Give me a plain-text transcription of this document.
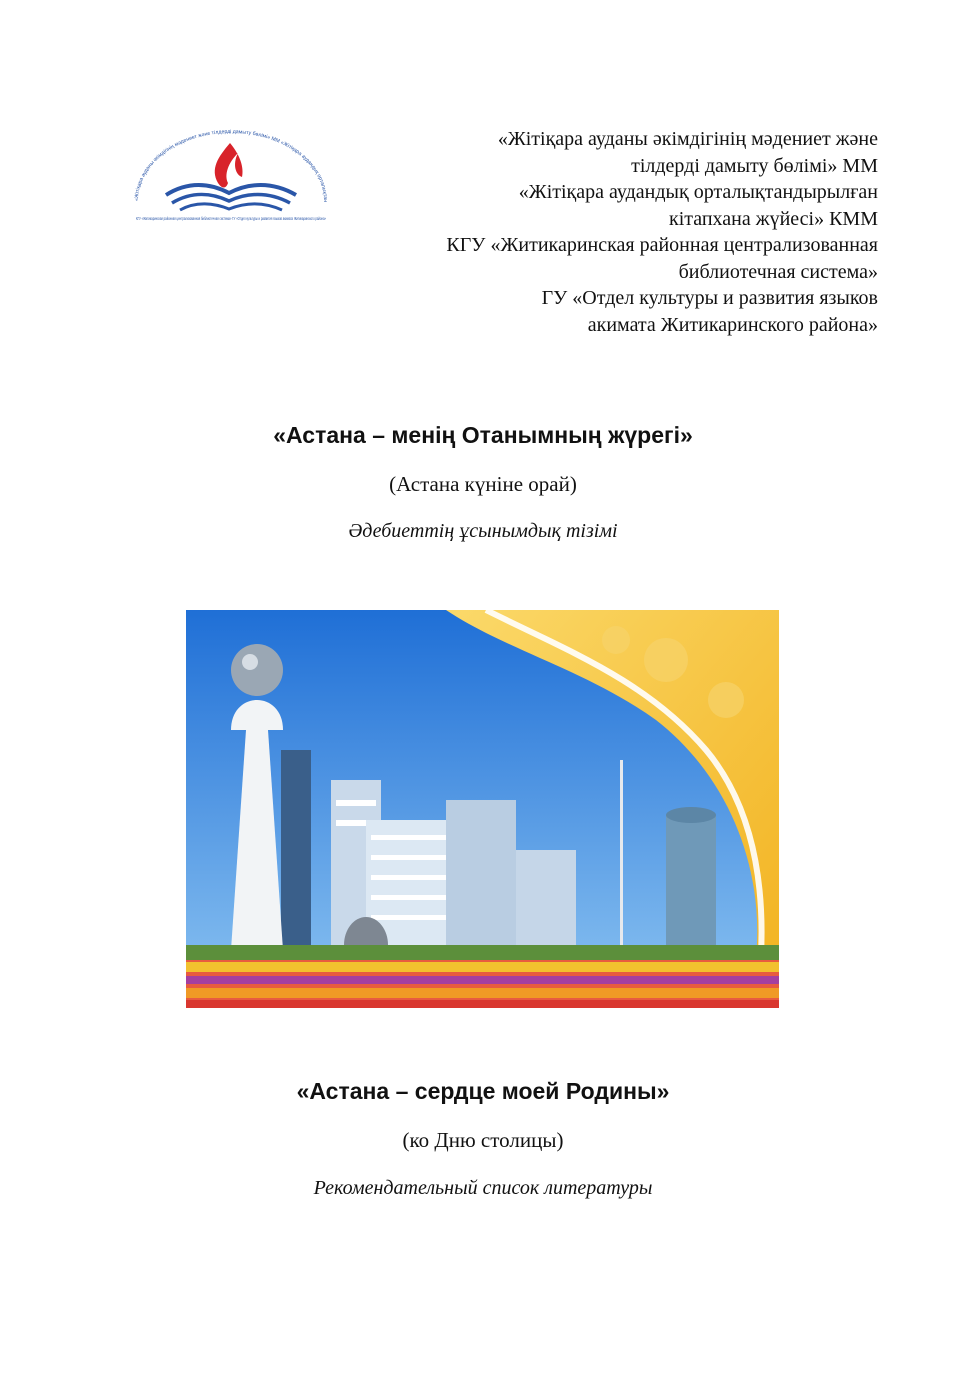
«Жітіқара ауданы әкімдігінің мәдениет және тілдерді дамыту бөлімі» ММ «Жітіқара аудандық орталықтан
КГУ «Житикаринская районная централизованная библиотечная система» ГУ «Отдел культуры и развития языков акимата Житикаринского района»
«Жітіқара ауданы әкімдігінің мәдениет және
тілдерді дамыту бөлімі» ММ
«Жітіқара аудандық орталықтандырылған
кітапхана жүйесі» КММ
КГУ «Житикаринская районная централизованная
библиотечная система»
ГУ «Отдел культуры и развития языков
акимата Житикаринского района»
«Астана – менің Отанымның жүрегі»
(Астана күніне орай)
Әдебиеттің ұсынымдық тізімі
«Астана – сердце моей Родины»
(ко Дню столицы)
Рекомендательный список литературы
